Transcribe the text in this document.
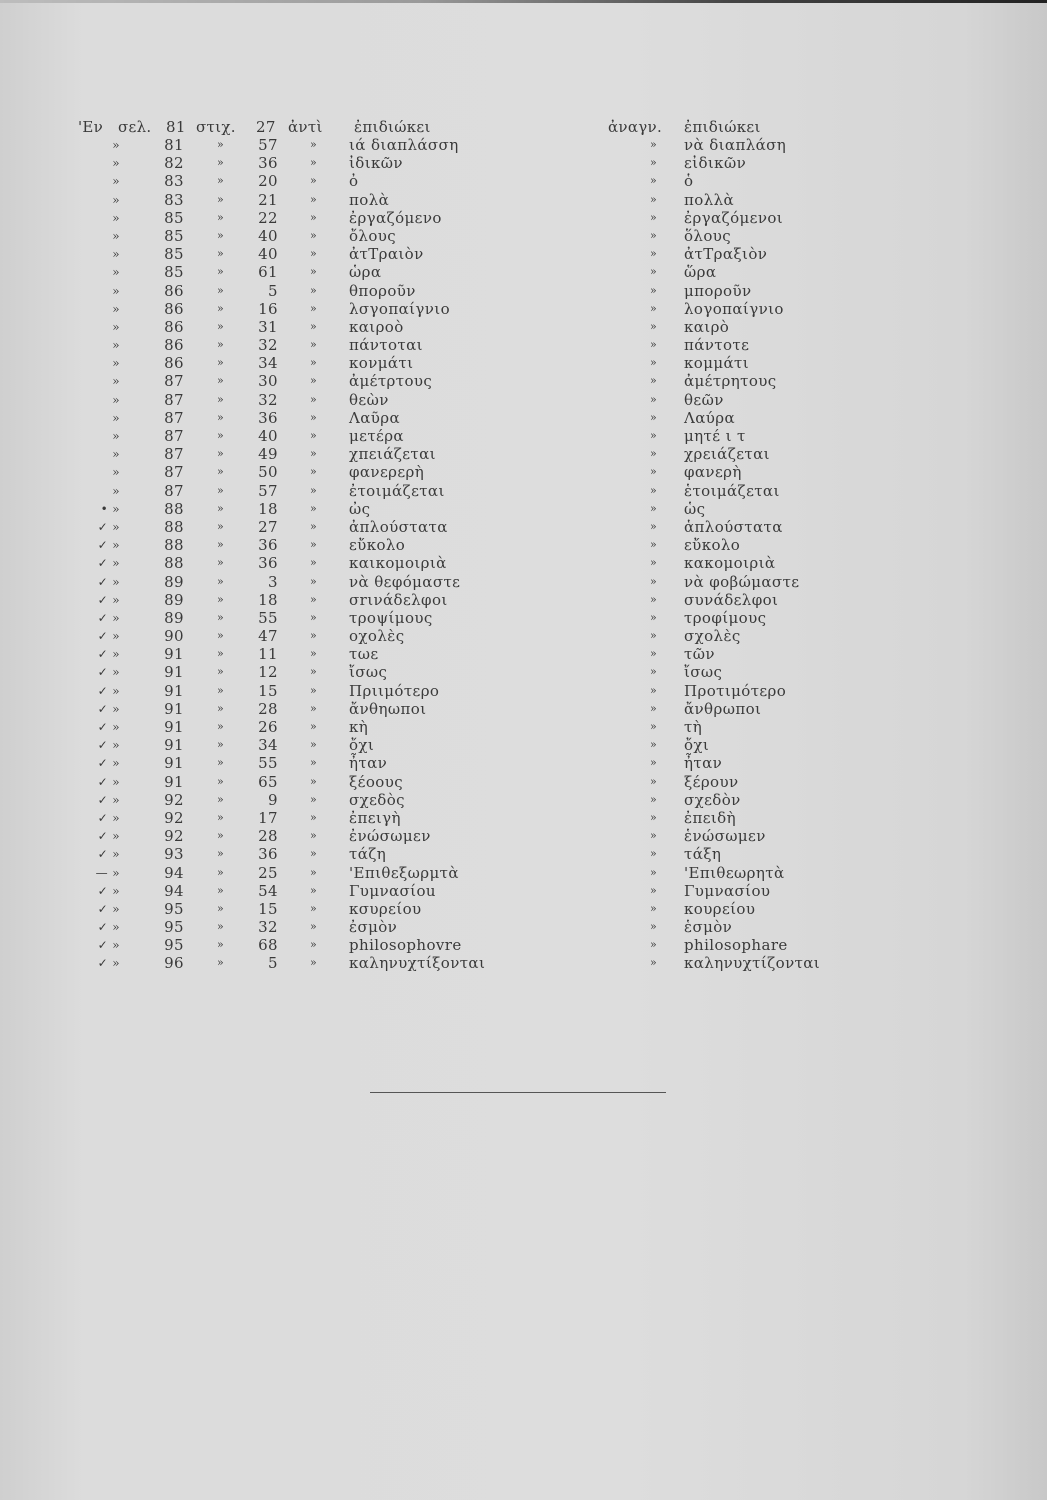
'Εν σελ. 81 στιχ. 27 ἀντὶ ἐπιδιώκει	ἀναγν. ἐπιδιώκει
»	81	»	57	»	ιά διαπλάσση	»	νὰ διαπλάση
»	82	»	36	»	ἰδικῶν	»	εἰδικῶν
»	83	»	20	»	ὀ	»	ὁ
»	83	»	21	»	πολὰ	»	πολλὰ
»	85	»	22	»	ἐργαζόμενο	»	ἐργαζόμενοι
»	85	»	40	»	ὄλους	»	ὅλους
»	85	»	40	»	ἀτTραιὸν	»	ἀτTραξιὸν
»	85	»	61	»	ὡρα	»	ὥρα
»	86	»	5	»	θποροῦν	»	μποροῦν
»	86	»	16	»	λσγοπαίγνιο	»	λογοπαίγνιο
»	86	»	31	»	καιροὸ	»	καιρὸ
»	86	»	32	»	πάντοται	»	πάντοτε
»	86	»	34	»	κονμάτι	»	κομμάτι
»	87	»	30	»	ἀμέτρτους	»	ἀμέτρητους
»	87	»	32	»	θεὼν	»	θεῶν
»	87	»	36	»	Λαῦρα	»	Λαύρα
»	87	»	40	»	μετέρα	»	μητέ ι τ
»	87	»	49	»	χπειάζεται	»	χρειάζεται
»	87	»	50	»	φανερερὴ	»	φανερὴ
»	87	»	57	»	ἐτοιμάζεται	»	ἑτοιμάζεται
• »	88	»	18	»	ὠς	»	ὡς
✓ »	88	»	27	»	ἀπλούστατα	»	ἁπλούστατα
✓ »	88	»	36	»	εὔκολο	»	εὔκολο
✓ »	88	»	36	»	καικομοιριὰ	»	κακομοιριὰ
✓ »	89	»	3	»	νὰ θεφόμαστε	»	νὰ φοβώμαστε
✓ »	89	»	18	»	σrινάδελφοι	»	συνάδελφοι
✓ »	89	»	55	»	τροψίμους	»	τροφίμους
✓ »	90	»	47	»	οχολὲς	»	σχολὲς
✓ »	91	»	11	»	τωε	»	τῶν
✓ »	91	»	12	»	ἴσως	»	ἴσως
✓ »	91	»	15	»	Πριιμότερο	»	Προτιμότερο
✓ »	91	»	28	»	ἄνθηωποι	»	ἄνθρωποι
✓ »	91	»	26	»	κὴ	»	τὴ
✓ »	91	»	34	»	ὄχι	»	ὄχι
✓ »	91	»	55	»	ἦταν	»	ἦταν
✓ »	91	»	65	»	ξέoους	»	ξέρουν
✓ »	92	»	9	»	σχεδὸς	»	σχεδὸν
✓ »	92	»	17	»	ἐπειγὴ	»	ἐπειδὴ
✓ »	92	»	28	»	ἐνώσωμεν	»	ἑνώσωμεν
✓ »	93	»	36	»	τάζη	»	τάξη
— »	94	»	25	»	'Επιθεξωρμτὰ	»	'Επιθεωρητὰ
✓ »	94	»	54	»	Γυμνασίοu	»	Γυμνασίου
✓ »	95	»	15	»	κσυρείου	»	κουρείου
✓ »	95	»	32	»	ἐσμὸν	»	ἑσμὸν
✓ »	95	»	68	»	philosophovre	»	philosophare
✓ »	96	»	5	»	καληνυχτίξονται	»	καληνυχτίζονται
